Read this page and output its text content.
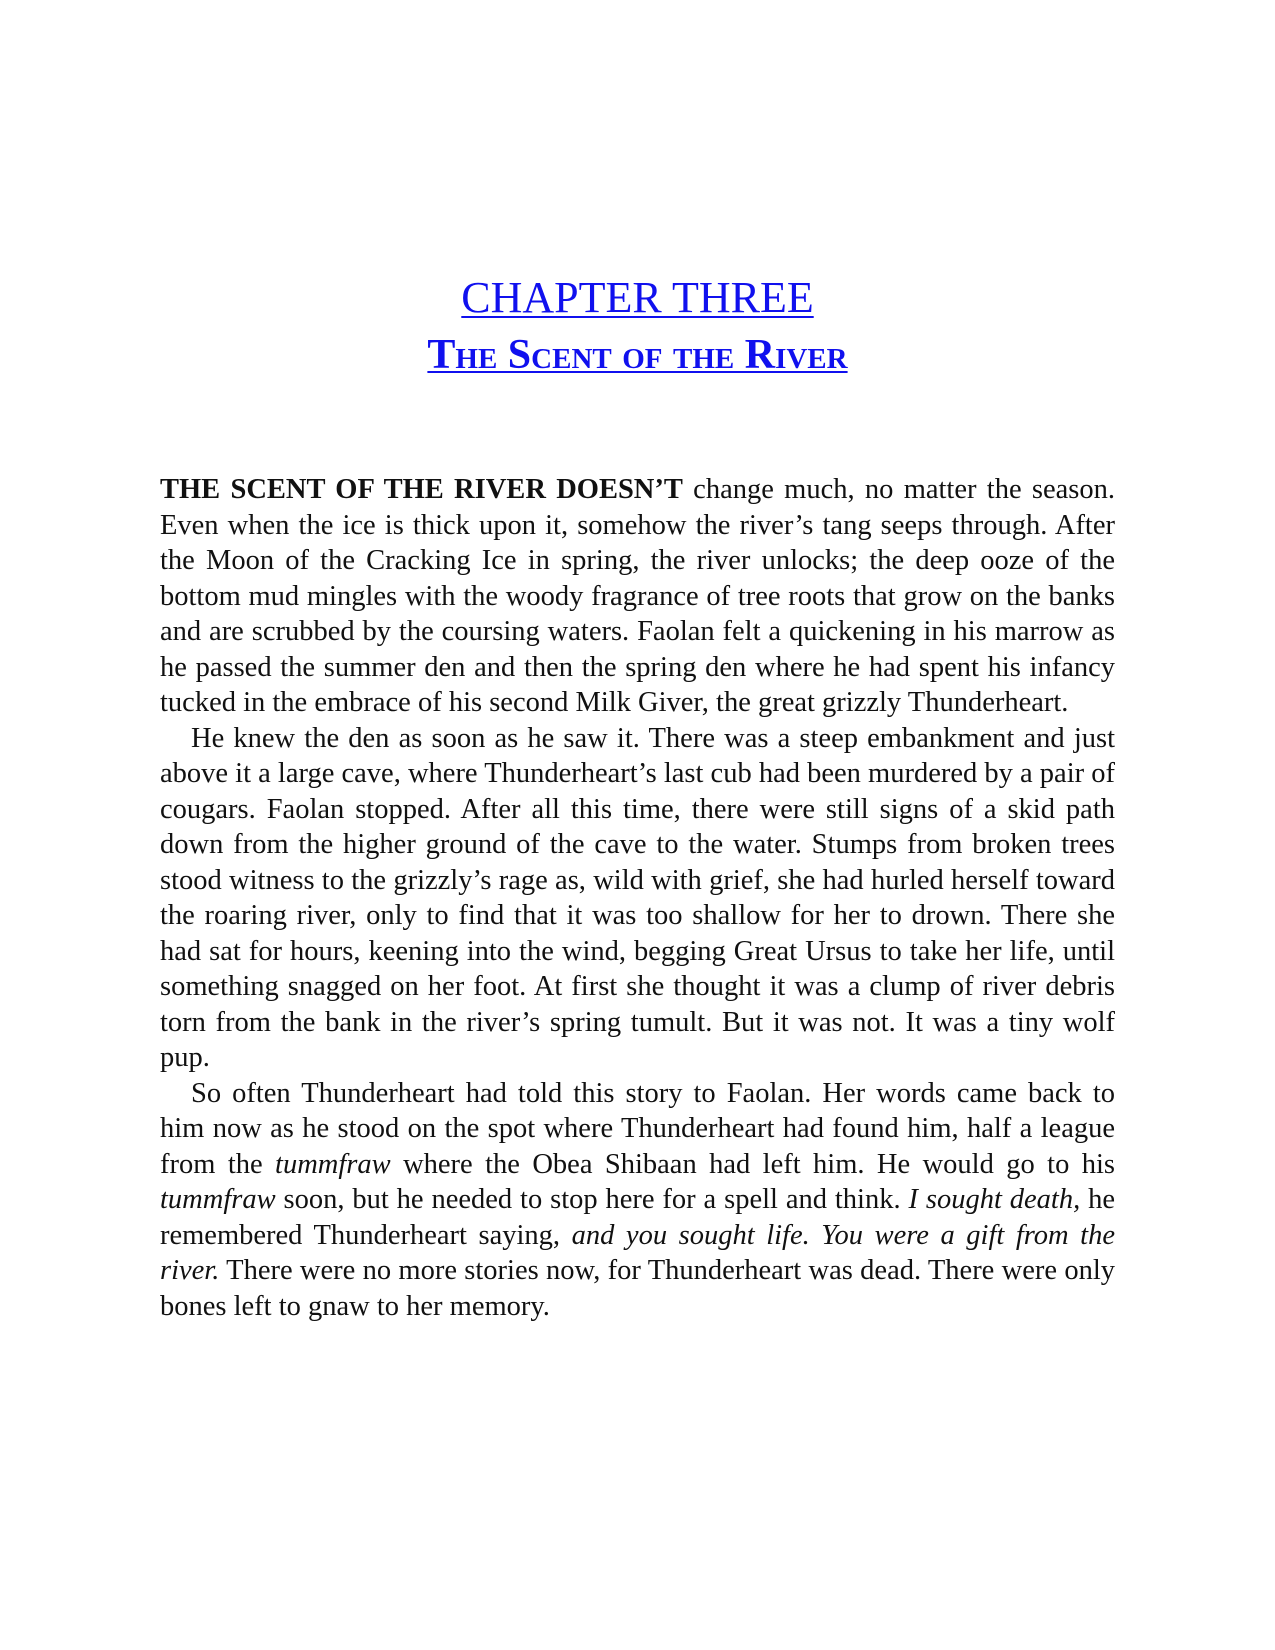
CHAPTER THREE
The Scent of the River

THE SCENT OF THE RIVER DOESN’T change much, no matter the season. Even when the ice is thick upon it, somehow the river’s tang seeps through. After the Moon of the Cracking Ice in spring, the river unlocks; the deep ooze of the bottom mud mingles with the woody fragrance of tree roots that grow on the banks and are scrubbed by the coursing waters. Faolan felt a quickening in his marrow as he passed the summer den and then the spring den where he had spent his infancy tucked in the embrace of his second Milk Giver, the great grizzly Thunderheart.

He knew the den as soon as he saw it. There was a steep embankment and just above it a large cave, where Thunderheart’s last cub had been murdered by a pair of cougars. Faolan stopped. After all this time, there were still signs of a skid path down from the higher ground of the cave to the water. Stumps from broken trees stood witness to the grizzly’s rage as, wild with grief, she had hurled herself toward the roaring river, only to find that it was too shallow for her to drown. There she had sat for hours, keening into the wind, begging Great Ursus to take her life, until something snagged on her foot. At first she thought it was a clump of river debris torn from the bank in the river’s spring tumult. But it was not. It was a tiny wolf pup.

So often Thunderheart had told this story to Faolan. Her words came back to him now as he stood on the spot where Thunderheart had found him, half a league from the tummfraw where the Obea Shibaan had left him. He would go to his tummfraw soon, but he needed to stop here for a spell and think. I sought death, he remembered Thunderheart saying, and you sought life. You were a gift from the river. There were no more stories now, for Thunderheart was dead. There were only bones left to gnaw to her memory.
